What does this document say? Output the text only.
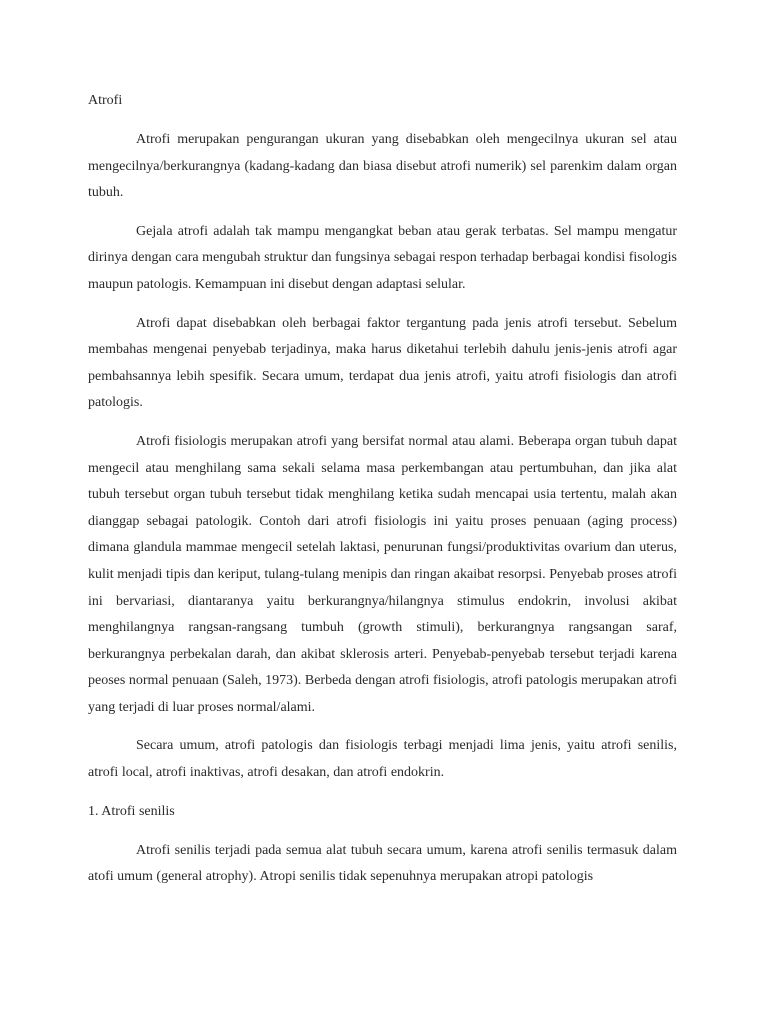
Atrofi

Atrofi merupakan pengurangan ukuran yang disebabkan oleh mengecilnya ukuran sel atau mengecilnya/berkurangnya (kadang-kadang dan biasa disebut atrofi numerik) sel parenkim dalam organ tubuh.

Gejala atrofi adalah tak mampu mengangkat beban atau gerak terbatas. Sel mampu mengatur dirinya dengan cara mengubah struktur dan fungsinya sebagai respon terhadap berbagai kondisi fisologis maupun patologis. Kemampuan ini disebut dengan adaptasi selular.

Atrofi dapat disebabkan oleh berbagai faktor tergantung pada jenis atrofi tersebut. Sebelum membahas mengenai penyebab terjadinya, maka harus diketahui terlebih dahulu jenis-jenis atrofi agar pembahsannya lebih spesifik. Secara umum, terdapat dua jenis atrofi, yaitu atrofi fisiologis dan atrofi patologis.

Atrofi fisiologis merupakan atrofi yang bersifat normal atau alami. Beberapa organ tubuh dapat mengecil atau menghilang sama sekali selama masa perkembangan atau pertumbuhan, dan jika alat tubuh tersebut organ tubuh tersebut tidak menghilang ketika sudah mencapai usia tertentu, malah akan dianggap sebagai patologik. Contoh dari atrofi fisiologis ini yaitu proses penuaan (aging process) dimana glandula mammae mengecil setelah laktasi, penurunan fungsi/produktivitas ovarium dan uterus, kulit menjadi tipis dan keriput, tulang-tulang menipis dan ringan akaibat resorpsi. Penyebab proses atrofi ini bervariasi, diantaranya yaitu berkurangnya/hilangnya stimulus endokrin, involusi akibat menghilangnya rangsan-rangsang tumbuh (growth stimuli), berkurangnya rangsangan saraf, berkurangnya perbekalan darah, dan akibat sklerosis arteri. Penyebab-penyebab tersebut terjadi karena peoses normal penuaan (Saleh, 1973). Berbeda dengan atrofi fisiologis, atrofi patologis merupakan atrofi yang terjadi di luar proses normal/alami.

Secara umum, atrofi patologis dan fisiologis terbagi menjadi lima jenis, yaitu atrofi senilis, atrofi local, atrofi inaktivas, atrofi desakan, dan atrofi endokrin.

1. Atrofi senilis

Atrofi senilis terjadi pada semua alat tubuh secara umum, karena atrofi senilis termasuk dalam atofi umum (general atrophy). Atropi senilis tidak sepenuhnya merupakan atropi patologis
